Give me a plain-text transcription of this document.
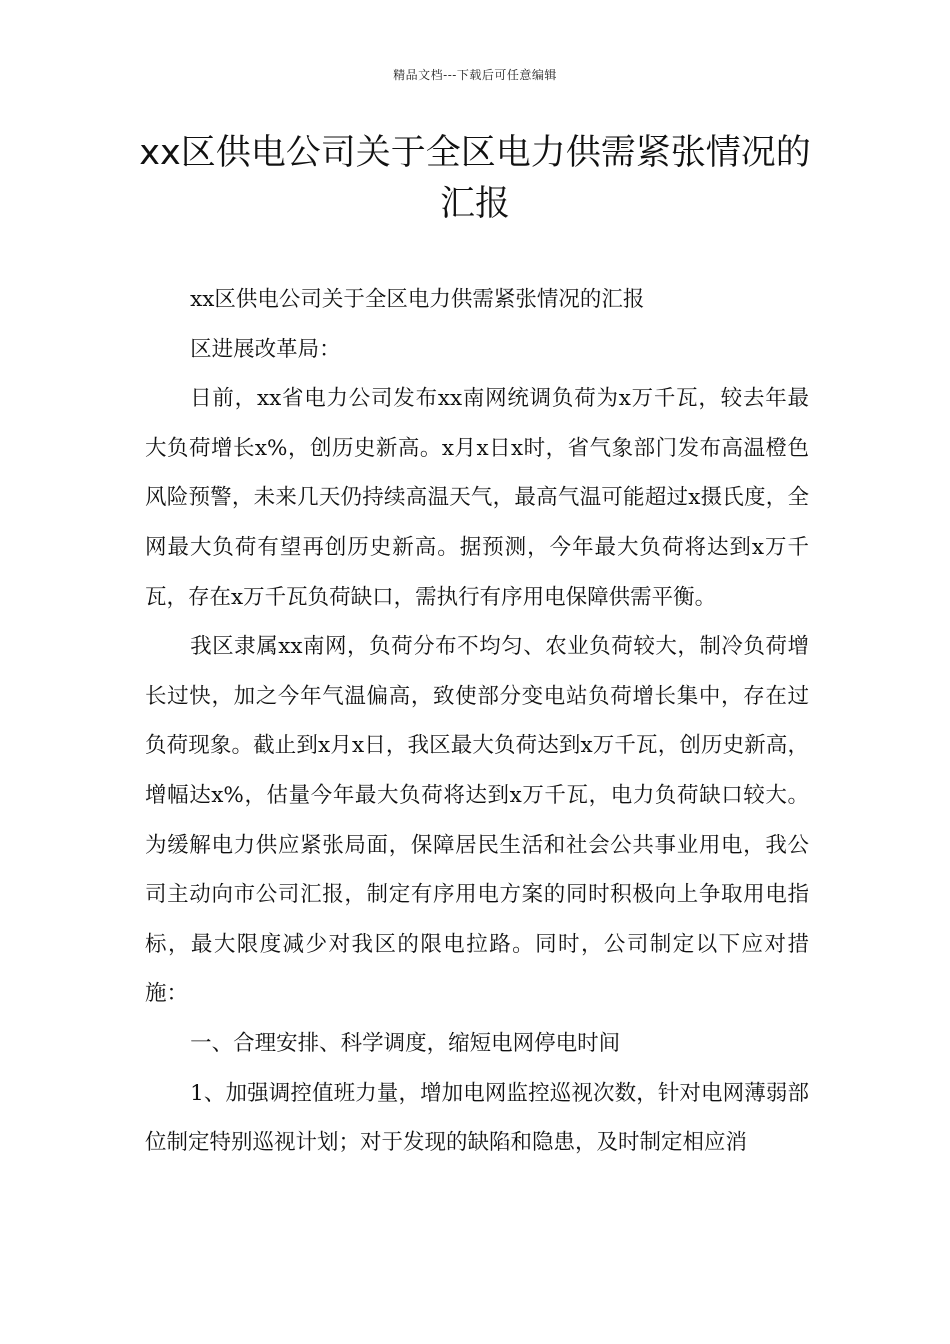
精品文档---下载后可任意编辑
xx区供电公司关于全区电力供需紧张情况的汇报

xx区供电公司关于全区电力供需紧张情况的汇报

区进展改革局：

日前，xx省电力公司发布xx南网统调负荷为x万千瓦，较去年最大负荷增长x%，创历史新高。x月x日x时，省气象部门发布高温橙色风险预警，未来几天仍持续高温天气，最高气温可能超过x摄氏度，全网最大负荷有望再创历史新高。据预测，今年最大负荷将达到x万千瓦，存在x万千瓦负荷缺口，需执行有序用电保障供需平衡。

我区隶属xx南网，负荷分布不均匀、农业负荷较大，制冷负荷增长过快，加之今年气温偏高，致使部分变电站负荷增长集中，存在过负荷现象。截止到x月x日，我区最大负荷达到x万千瓦，创历史新高，增幅达x%，估量今年最大负荷将达到x万千瓦，电力负荷缺口较大。为缓解电力供应紧张局面，保障居民生活和社会公共事业用电，我公司主动向市公司汇报，制定有序用电方案的同时积极向上争取用电指标，最大限度减少对我区的限电拉路。同时，公司制定以下应对措施：

一、合理安排、科学调度，缩短电网停电时间

1、加强调控值班力量，增加电网监控巡视次数，针对电网薄弱部位制定特别巡视计划；对于发现的缺陷和隐患，及时制定相应消
